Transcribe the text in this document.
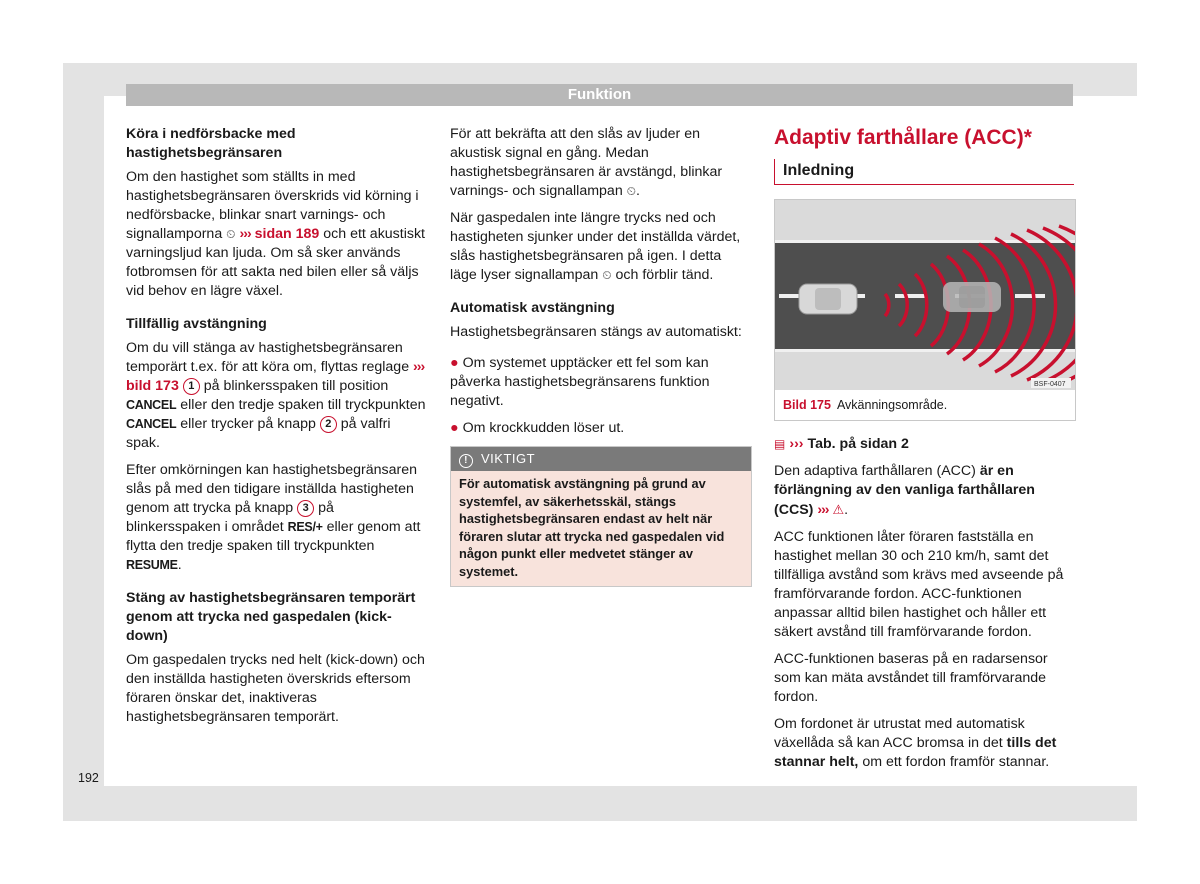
Funktion
Köra i nedförsbacke med hastighetsbegränsaren

Om den hastighet som ställts in med hastighetsbegränsaren överskrids vid körning i nedförsbacke, blinkar snart varnings- och signallamporna ⏲ ››› sidan 189 och ett akustiskt varningsljud kan ljuda. Om så sker används fotbromsen för att sakta ned bilen eller så väljs vid behov en lägre växel.

Tillfällig avstängning

Om du vill stänga av hastighetsbegränsaren temporärt t.ex. för att köra om, flyttas reglage ››› bild 173 1 på blinkersspaken till position CANCEL eller den tredje spaken till tryckpunkten CANCEL eller trycker på knapp 2 på valfri spak.

Efter omkörningen kan hastighetsbegränsaren slås på med den tidigare inställda hastigheten genom att trycka på knapp 3 på blinkersspaken i området RES/+ eller genom att flytta den tredje spaken till tryckpunkten RESUME.

Stäng av hastighetsbegränsaren temporärt genom att trycka ned gaspedalen (kick-down)

Om gaspedalen trycks ned helt (kick-down) och den inställda hastigheten överskrids eftersom föraren önskar det, inaktiveras hastighetsbegränsaren temporärt.

För att bekräfta att den slås av ljuder en akustisk signal en gång. Medan hastighetsbegränsaren är avstängd, blinkar varnings- och signallampan ⏲.

När gaspedalen inte längre trycks ned och hastigheten sjunker under det inställda värdet, slås hastighetsbegränsaren på igen. I detta läge lyser signallampan ⏲ och förblir tänd.

Automatisk avstängning

Hastighetsbegränsaren stängs av automatiskt:

● Om systemet upptäcker ett fel som kan påverka hastighetsbegränsarens funktion negativt.
● Om krockkudden löser ut.
! VIKTIGT
För automatisk avstängning på grund av systemfel, av säkerhetsskäl, stängs hastighetsbegränsaren endast av helt när föraren slutar att trycka ned gaspedalen vid någon punkt eller medvetet stänger av systemet.
Adaptiv farthållare (ACC)*
Inledning
BSF-0407
Bild 175 Avkänningsområde.
▤ ››› Tab. på sidan 2

Den adaptiva farthållaren (ACC) är en förlängning av den vanliga farthållaren (CCS) ››› ⚠.

ACC funktionen låter föraren fastställa en hastighet mellan 30 och 210 km/h, samt det tillfälliga avstånd som krävs med avseende på framförvarande fordon. ACC-funktionen anpassar alltid bilen hastighet och håller ett säkert avstånd till framförvarande fordon.

ACC-funktionen baseras på en radarsensor som kan mäta avståndet till framförvarande fordon.

Om fordonet är utrustat med automatisk växellåda så kan ACC bromsa in det tills det stannar helt, om ett fordon framför stannar.

192
